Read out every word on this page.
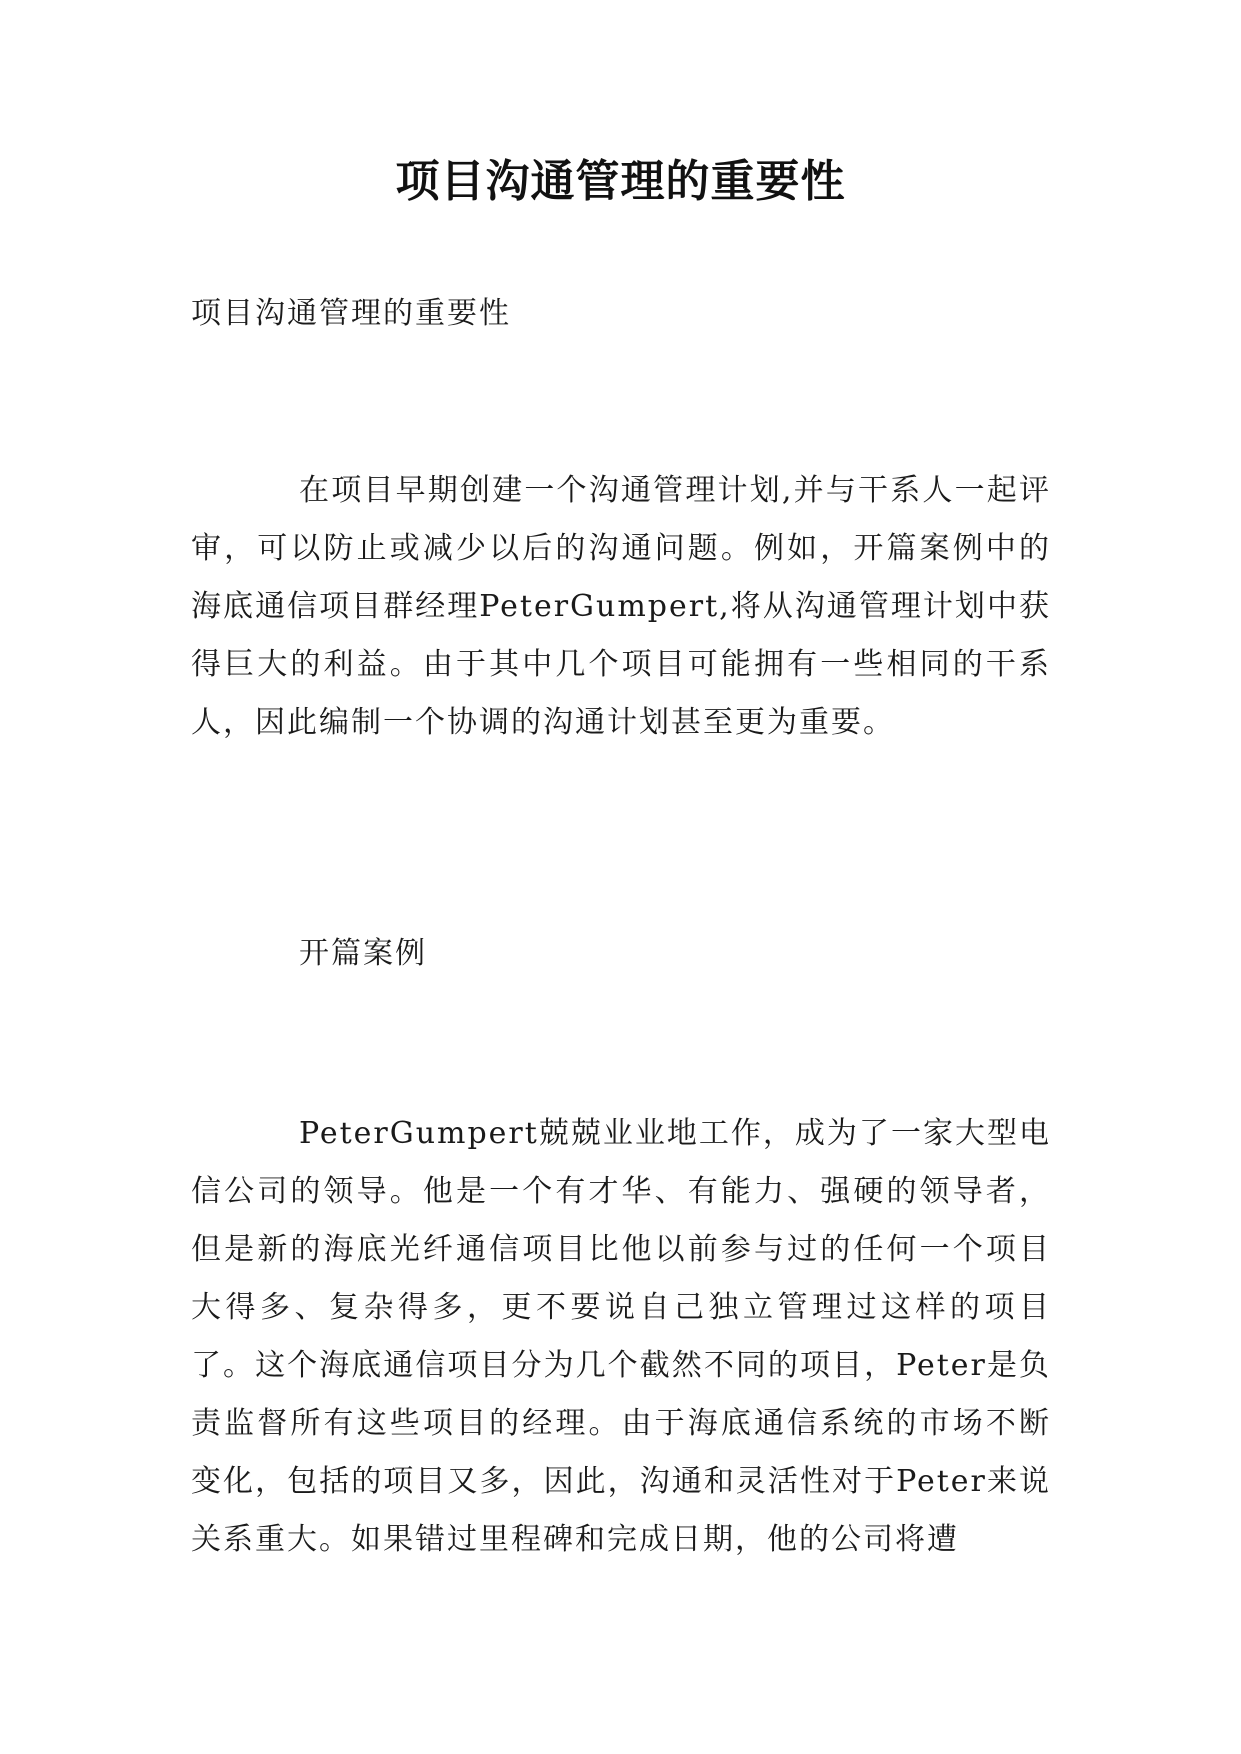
项目沟通管理的重要性
项目沟通管理的重要性
在项目早期创建一个沟通管理计划,并与干系人一起评审，可以防止或减少以后的沟通问题。例如，开篇案例中的海底通信项目群经理PeterGumpert,将从沟通管理计划中获得巨大的利益。由于其中几个项目可能拥有一些相同的干系人，因此编制一个协调的沟通计划甚至更为重要。
开篇案例
PeterGumpert兢兢业业地工作，成为了一家大型电信公司的领导。他是一个有才华、有能力、强硬的领导者，但是新的海底光纤通信项目比他以前参与过的任何一个项目大得多、复杂得多，更不要说自己独立管理过这样的项目了。这个海底通信项目分为几个截然不同的项目，Peter是负责监督所有这些项目的经理。由于海底通信系统的市场不断变化，包括的项目又多，因此，沟通和灵活性对于Peter来说关系重大。如果错过里程碑和完成日期，他的公司将遭
